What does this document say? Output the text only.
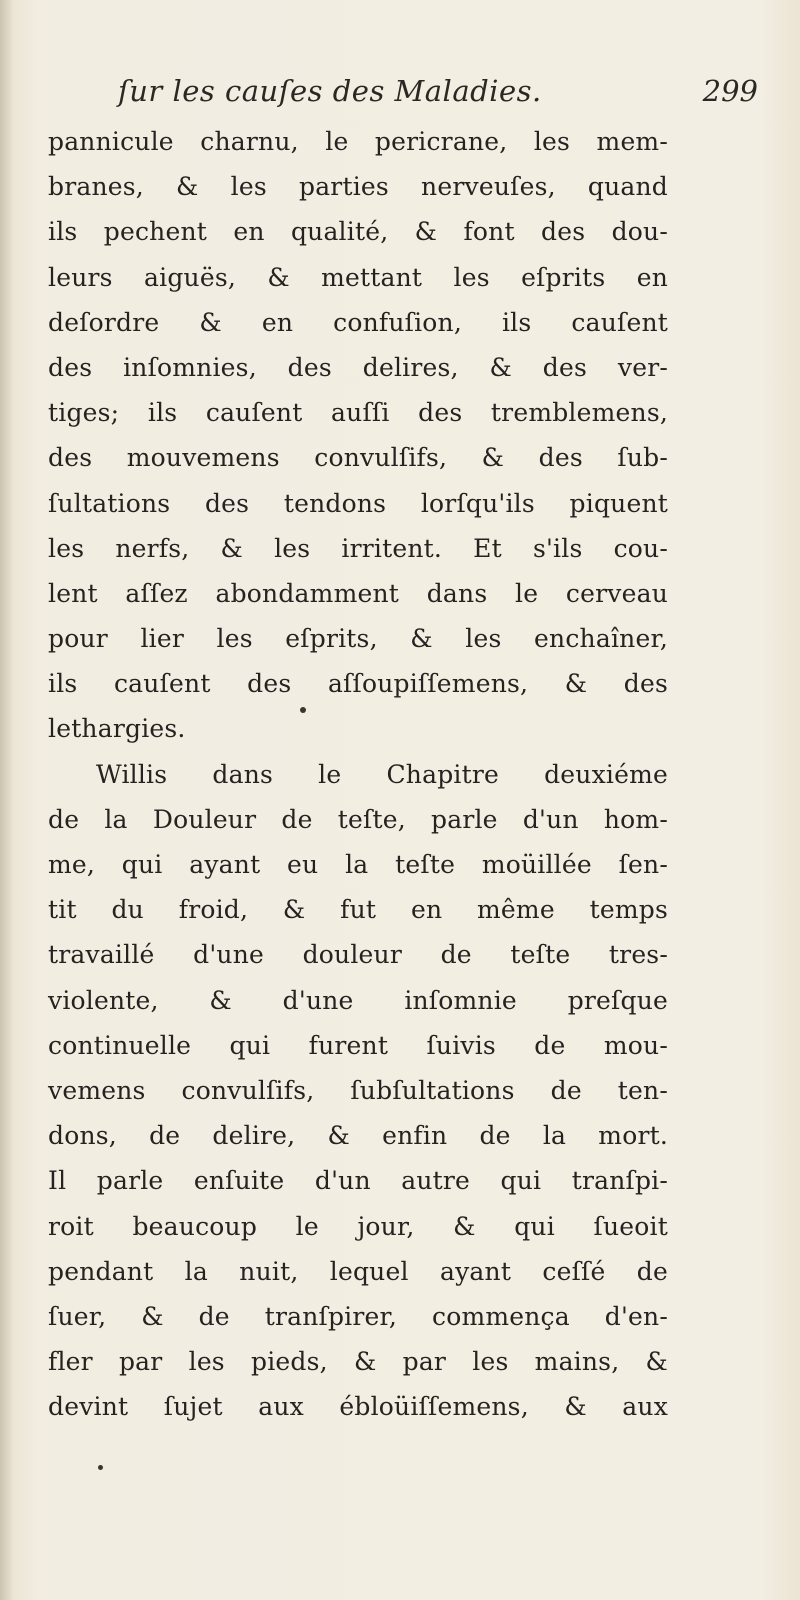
ſur les cauſes des Maladies.	299
pannicule charnu, le pericrane, les mem-
branes, & les parties nerveuſes, quand
ils pechent en qualité, & font des dou-
leurs aiguës, & mettant les eſprits en
deſordre & en confuſion, ils cauſent
des inſomnies, des delires, & des ver-
tiges; ils cauſent auſſi des tremblemens,
des mouvemens convulſifs, & des ſub-
ſultations des tendons lorſqu'ils piquent
les nerfs, & les irritent. Et s'ils cou-
lent aſſez abondamment dans le cerveau
pour lier les eſprits, & les enchaîner,
ils cauſent des aſſoupiſſemens, & des
lethargies.
Willis dans le Chapitre deuxiéme
de la Douleur de teſte, parle d'un hom-
me, qui ayant eu la teſte moüillée ſen-
tit du froid, & fut en même temps
travaillé d'une douleur de teſte tres-
violente, & d'une inſomnie preſque
continuelle qui furent ſuivis de mou-
vemens convulſifs, ſubſultations de ten-
dons, de delire, & enfin de la mort.
Il parle enſuite d'un autre qui tranſpi-
roit beaucoup le jour, & qui ſueoit
pendant la nuit, lequel ayant ceſſé de
ſuer, & de tranſpirer, commença d'en-
fler par les pieds, & par les mains, &
devint ſujet aux ébloüiſſemens, & aux
